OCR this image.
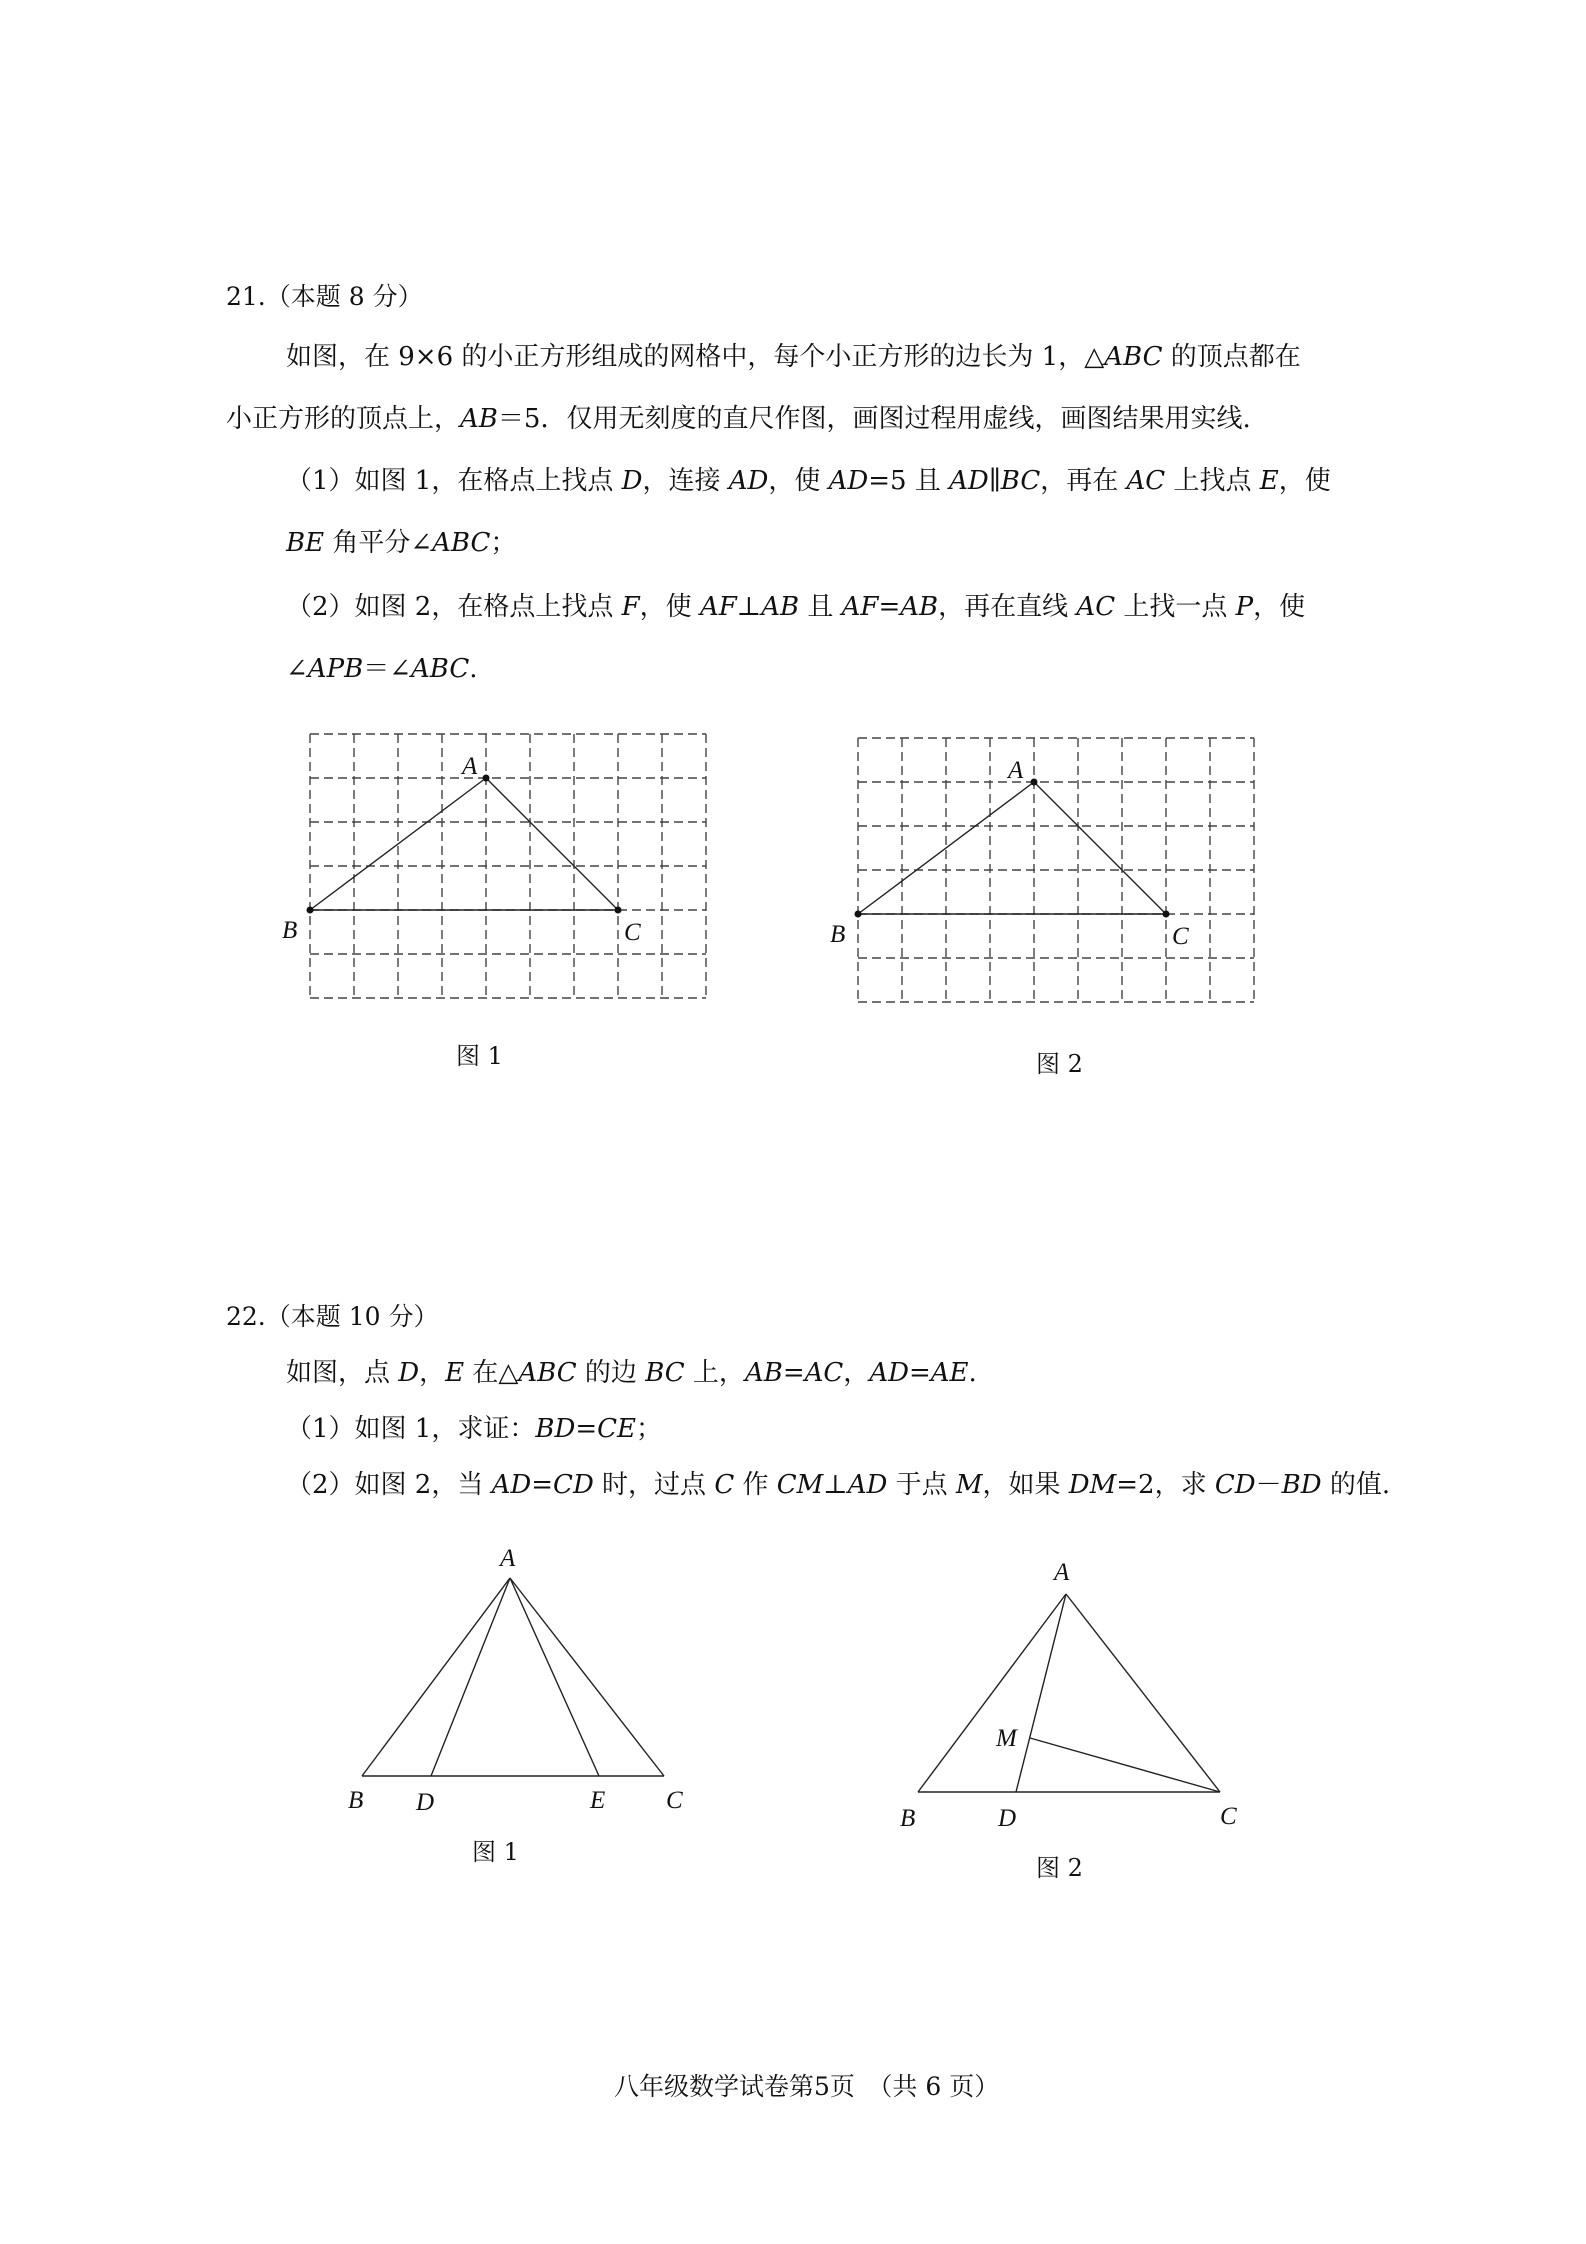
21.（本题 8 分）
如图，在 9×6 的小正方形组成的网格中，每个小正方形的边长为 1，△ABC 的顶点都在
小正方形的顶点上，AB＝5．仅用无刻度的直尺作图，画图过程用虚线，画图结果用实线.
（1）如图 1，在格点上找点 D，连接 AD，使 AD=5 且 AD∥BC，再在 AC 上找点 E，使
BE 角平分∠ABC；
（2）如图 2，在格点上找点 F，使 AF⊥AB 且 AF=AB，再在直线 AC 上找一点 P，使
∠APB＝∠ABC.
A
B	C
A
B	C
A
B D	E C
A
M
B	D	C
图 1	图 2
22.（本题 10 分）
如图，点 D，E 在△ABC 的边 BC 上，AB=AC，AD=AE.
（1）如图 1，求证：BD=CE；
（2）如图 2，当 AD=CD 时，过点 C 作 CM⊥AD 于点 M，如果 DM=2，求 CD－BD 的值.
图 1
图 2
八年级数学试卷第5页　（共 6 页）
